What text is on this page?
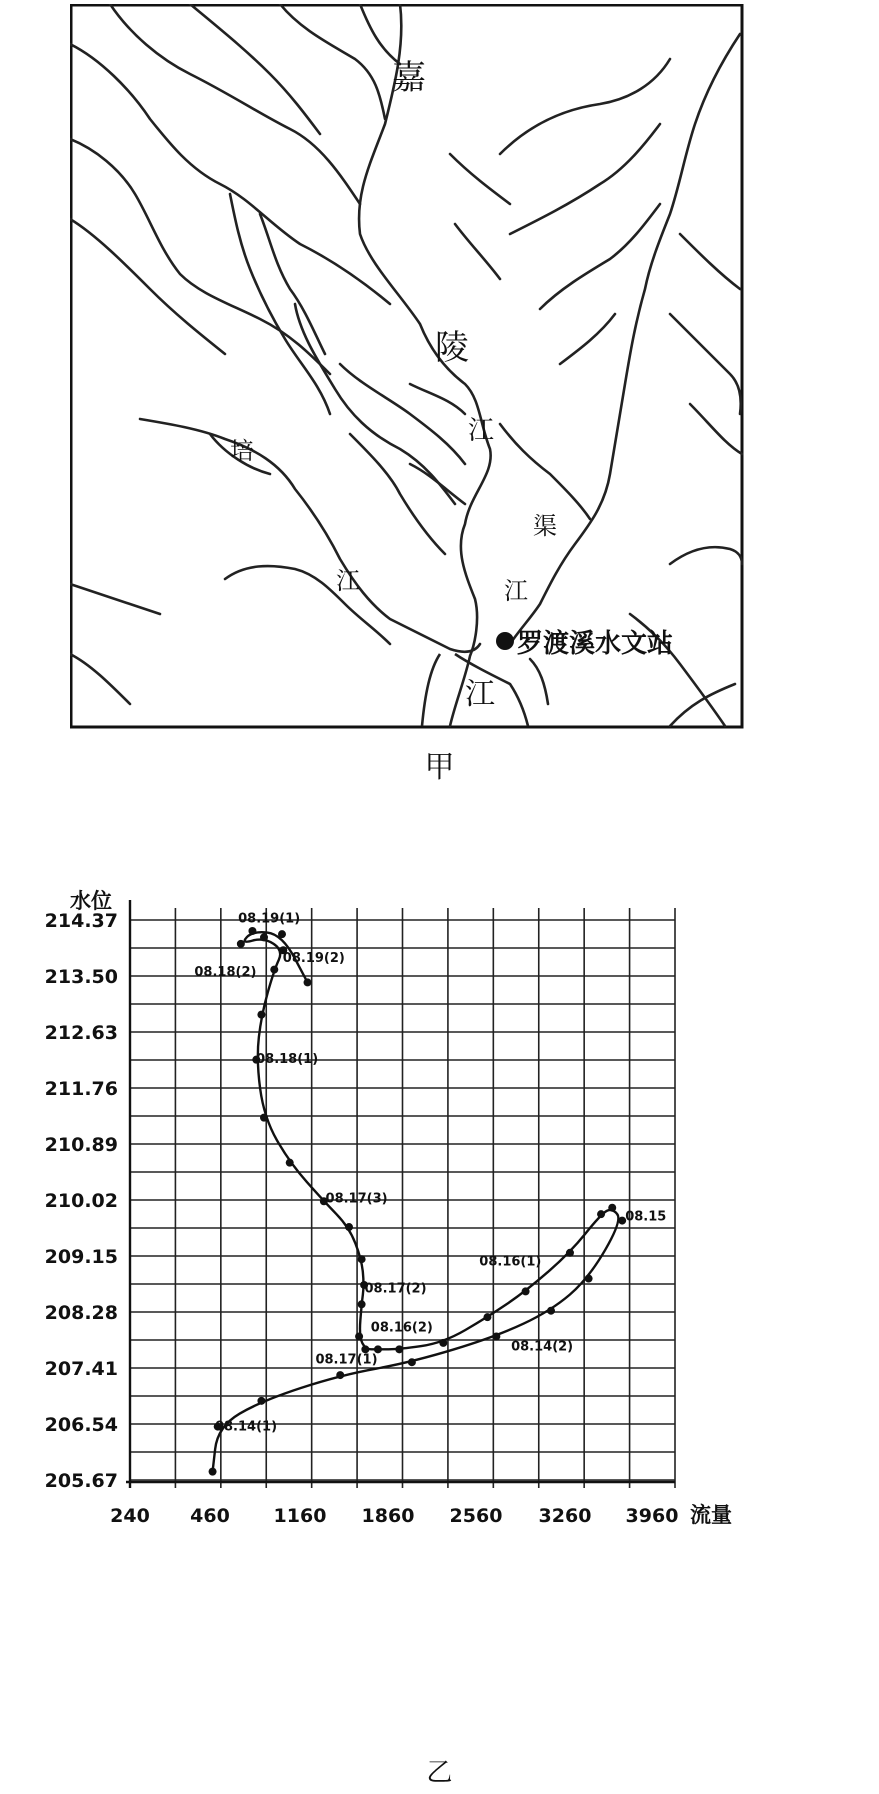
嘉
陵
江
培
江
渠
江
江
罗渡溪水文站
甲
214.37
213.50
212.63
211.76
210.89
210.02
209.15
208.28
207.41
206.54
205.67
240 460 1160 1860 2560 3260 3960
水位
流量
08.19(1)
08.19(2)
08.18(2)
08.18(1)
08.17(3)
08.16(1)
08.15
08.17(2)
08.16(2)
08.14(2)
08.17(1)
08.14(1)
乙
